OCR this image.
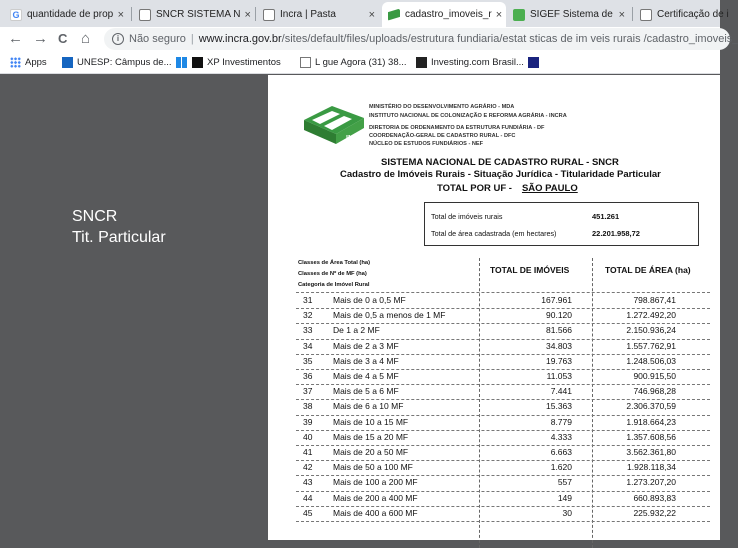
G quantidade de prop ×	SNCR SISTEMA N ×	Incra | Pasta	×	cadastro_imoveis_r ×	SIGEF Sistema de ×	Certificação de i
← → C ⌂	i Não seguro | www.incra.gov.br /sites/default/files/uploads/estrutura fundiaria/estat sticas de im veis rurais /cadastro_imoveis_
Apps	UNESP: Câmpus de...	XP Investimentos	L gue Agora (31) 38...	Investing.com Brasil...
SNCR
Tit. Particular
INCRA
MINISTÉRIO DO DESENVOLVIMENTO AGRÁRIO - MDA
INSTITUTO NACIONAL DE COLONIZAÇÃO E REFORMA AGRÁRIA - INCRA
DIRETORIA DE ORDENAMENTO DA ESTRUTURA FUNDIÁRIA - DF
COORDENAÇÃO-GERAL DE CADASTRO RURAL - DFC
NÚCLEO DE ESTUDOS FUNDIÁRIOS - NEF
SISTEMA NACIONAL DE CADASTRO RURAL - SNCR
Cadastro de Imóveis Rurais - Situação Jurídica - Titularidade Particular
TOTAL POR UF - SÃO PAULO
Total de imóveis rurais	451.261
Total de área cadastrada (em hectares)	22.201.958,72
Classes de Área Total (ha)
Classes de Nº de MF (ha)
Categoria de Imóvel Rural
TOTAL DE IMÓVEIS	TOTAL DE ÁREA (ha)
31 Mais de 0 a 0,5 MF	167.961	798.867,41
32 Mais de 0,5 a menos de 1 MF	90.120	1.272.492,20
33 De 1 a 2 MF	81.566	2.150.936,24
34 Mais de 2 a 3 MF	34.803	1.557.762,91
35 Mais de 3 a 4 MF	19.763	1.248.506,03
36 Mais de 4 a 5 MF	11.053	900.915,50
37 Mais de 5 a 6 MF	7.441	746.968,28
38 Mais de 6 a 10 MF	15.363	2.306.370,59
39 Mais de 10 a 15 MF	8.779	1.918.664,23
40 Mais de 15 a 20 MF	4.333	1.357.608,56
41 Mais de 20 a 50 MF	6.663	3.562.361,80
42 Mais de 50 a 100 MF	1.620	1.928.118,34
43 Mais de 100 a 200 MF	557	1.273.207,20
44 Mais de 200 a 400 MF	149	660.893,83
45 Mais de 400 a 600 MF	30	225.932,22
